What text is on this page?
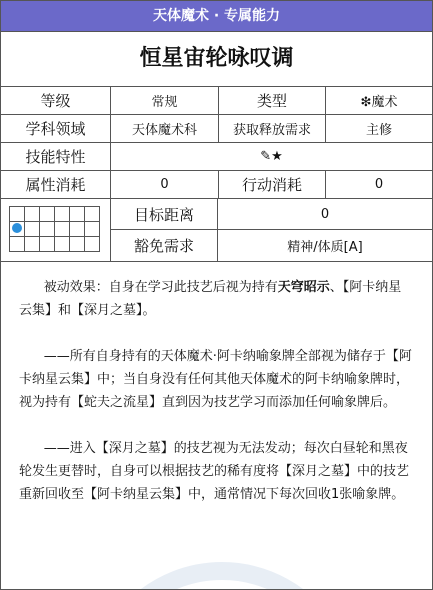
天体魔术 · 专属能力
恒星宙轮咏叹调
等级	常规	类型	❇魔术
学科领域	天体魔术科	获取释放需求	主修
技能特性	✎★
属性消耗	0	行动消耗	0
目标距离	0
豁免需求	精神/体质[A]

被动效果：自身在学习此技艺后视为持有天穹昭示、【阿卡纳星云集】和【深月之墓】。

——所有自身持有的天体魔术·阿卡纳喻象牌全部视为储存于【阿卡纳星云集】中；当自身没有任何其他天体魔术的阿卡纳喻象牌时，视为持有【蛇夫之流星】直到因为技艺学习而添加任何喻象牌后。

——进入【深月之墓】的技艺视为无法发动；每次白昼轮和黑夜轮发生更替时，自身可以根据技艺的稀有度将【深月之墓】中的技艺重新回收至【阿卡纳星云集】中，通常情况下每次回收1张喻象牌。
